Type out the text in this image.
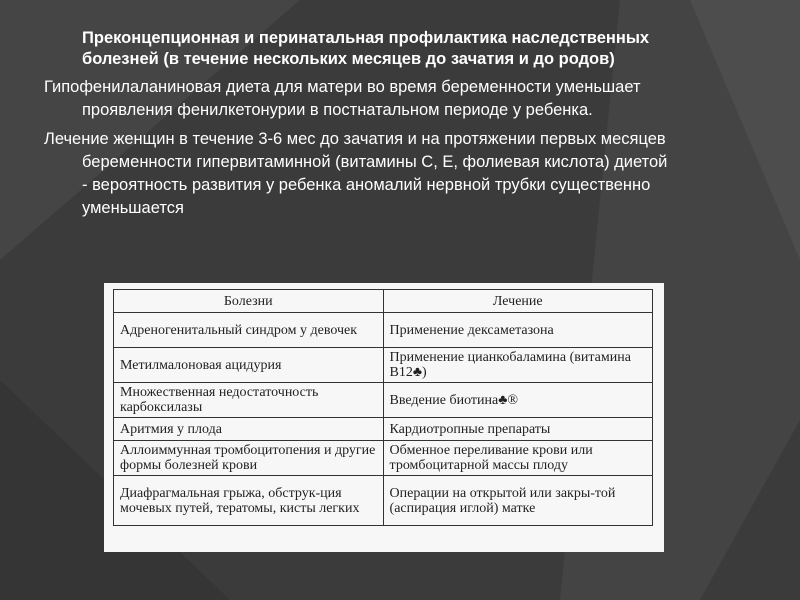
Преконцепционная и перинатальная профилактика наследственных болезней (в течение нескольких месяцев до зачатия и до родов)

Гипофенилаланиновая диета для матери во время беременности уменьшает проявления фенилкетонурии в постнатальном периоде у ребенка.

Лечение женщин в течение 3-6 мес до зачатия и на протяжении первых месяцев беременности гипервитаминной (витамины С, Е, фолиевая кислота) диетой - вероятность развития у ребенка аномалий нервной трубки существенно уменьшается

Болезни	Лечение
Адреногенитальный синдром у девочек	Применение дексаметазона
Метилмалоновая ацидурия	Применение цианкобаламина (витамина В12♣)
Множественная недостаточность карбоксилазы	Введение биотина♣®
Аритмия у плода	Кардиотропные препараты
Аллоиммунная тромбоцитопения и другие формы болезней крови	Обменное переливание крови или тромбоцитарной массы плоду
Диафрагмальная грыжа, обструк-ция мочевых путей, тератомы, кисты легких	Операции на открытой или закры-той (аспирация иглой) матке
